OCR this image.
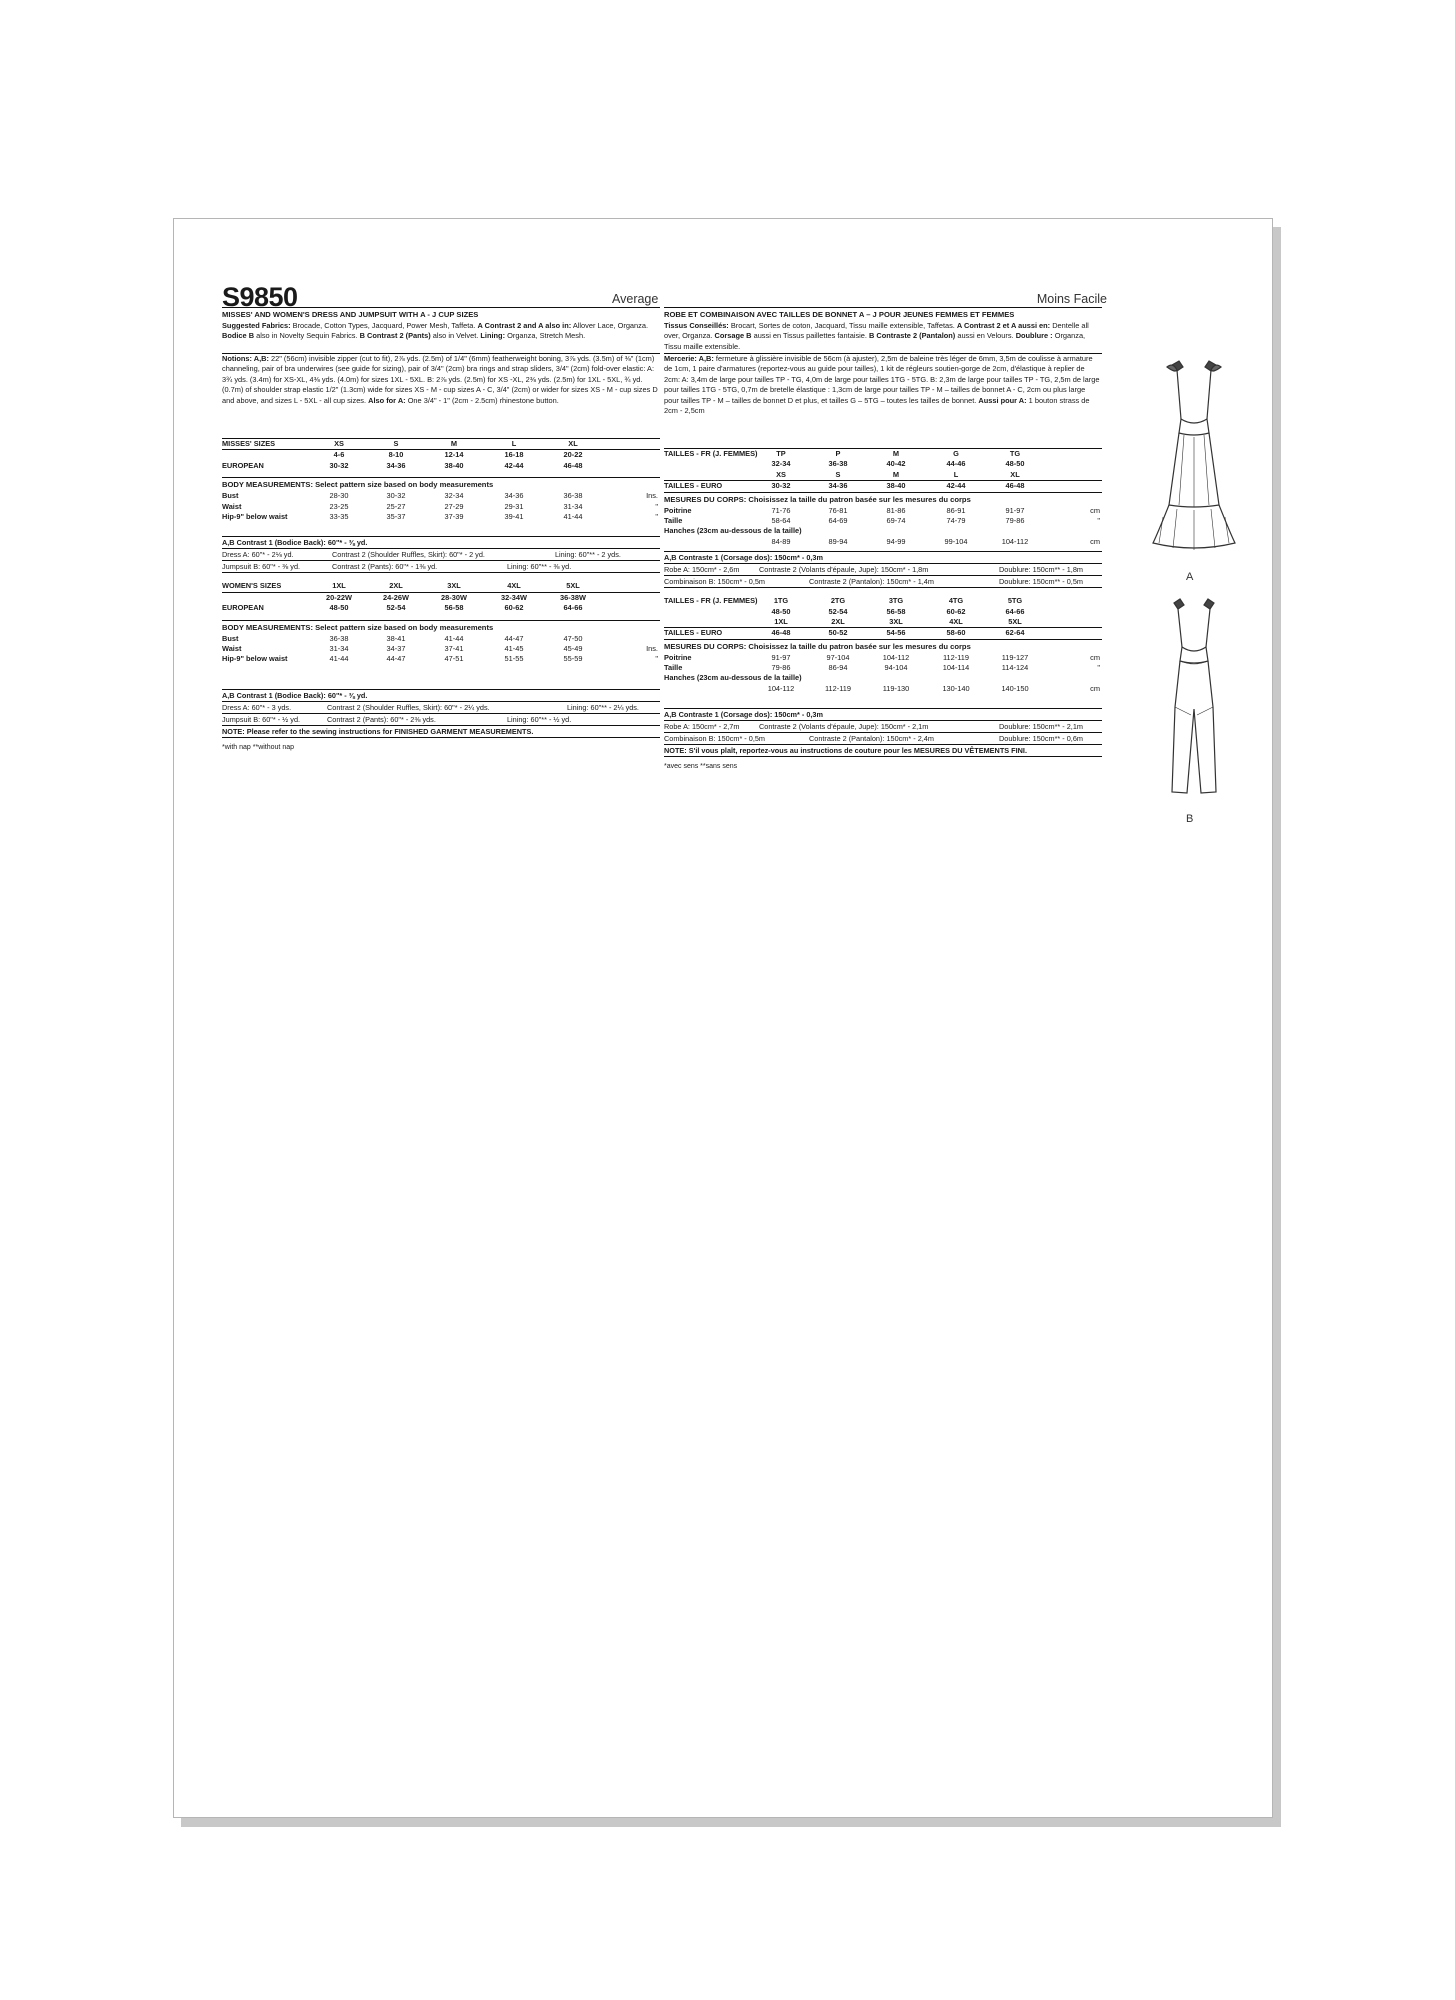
S9850	Average	Moins Facile
MISSES' AND WOMEN'S DRESS AND JUMPSUIT WITH A - J CUP SIZES
Suggested Fabrics: Brocade, Cotton Types, Jacquard, Power Mesh, Taffeta. A Contrast 2 and A also in: Allover Lace, Organza. Bodice B also in Novelty Sequin Fabrics. B Contrast 2 (Pants) also in Velvet. Lining: Organza, Stretch Mesh.
Notions: A,B: 22" (56cm) invisible zipper (cut to fit), 2⅞ yds. (2.5m) of 1/4" (6mm) featherweight boning, 3⅞ yds. (3.5m) of ⅜" (1cm) channeling, pair of bra underwires (see guide for sizing), pair of 3/4" (2cm) bra rings and strap sliders, 3/4" (2cm) fold-over elastic: A: 3¾ yds. (3.4m) for XS-XL, 4⅜ yds. (4.0m) for sizes 1XL - 5XL. B: 2⅞ yds. (2.5m) for XS -XL, 2⅜ yds. (2.5m) for 1XL - 5XL, ¾ yd. (0.7m) of shoulder strap elastic 1/2" (1.3cm) wide for sizes XS - M - cup sizes A - C, 3/4" (2cm) or wider for sizes XS - M - cup sizes D and above, and sizes L - 5XL - all cup sizes. Also for A: One 3/4" - 1" (2cm - 2.5cm) rhinestone button.
MISSES' SIZES	XS	S	M	L	XL
4-6	8-10	12-14	16-18	20-22
EUROPEAN	30-32	34-36	38-40	42-44	46-48
BODY MEASUREMENTS: Select pattern size based on body measurements
Bust	28-30	30-32	32-34	34-36	36-38	Ins.
Waist	23-25	25-27	27-29	29-31	31-34	"
Hip-9" below waist	33-35	35-37	37-39	39-41	41-44	"
A,B Contrast 1 (Bodice Back): 60"* - ⅜ yd.
Dress A: 60"* - 2⅛ yd.	Contrast 2 (Shoulder Ruffles, Skirt): 60"* - 2 yd.	Lining: 60"** - 2 yds.
Jumpsuit B: 60"* - ⅜ yd.	Contrast 2 (Pants): 60"* - 1⅜ yd.	Lining: 60"** - ⅜ yd.
WOMEN'S SIZES	1XL	2XL	3XL	4XL	5XL
20-22W	24-26W	28-30W	32-34W	36-38W
EUROPEAN	48-50	52-54	56-58	60-62	64-66
BODY MEASUREMENTS: Select pattern size based on body measurements
Bust	36-38	38-41	41-44	44-47	47-50
Waist	31-34	34-37	37-41	41-45	45-49	Ins.
Hip-9" below waist	41-44	44-47	47-51	51-55	55-59	"
A,B Contrast 1 (Bodice Back): 60"* - ⅜ yd.
Dress A: 60"* - 3 yds.	Contrast 2 (Shoulder Ruffles, Skirt): 60"* - 2¼ yds.	Lining: 60"** - 2¼ yds.
Jumpsuit B: 60"* - ½ yd.	Contrast 2 (Pants): 60"* - 2⅜ yds.	Lining: 60"** - ½ yd.
NOTE: Please refer to the sewing instructions for FINISHED GARMENT MEASUREMENTS.
*with nap **without nap
ROBE ET COMBINAISON AVEC TAILLES DE BONNET A – J POUR JEUNES FEMMES ET FEMMES
Tissus Conseillés: Brocart, Sortes de coton, Jacquard, Tissu maille extensible, Taffetas. A Contrast 2 et A aussi en: Dentelle all over, Organza. Corsage B aussi en Tissus paillettes fantaisie. B Contraste 2 (Pantalon) aussi en Velours. Doublure : Organza, Tissu maille extensible.
Mercerie: A,B: fermeture à glissière invisible de 56cm (à ajuster), 2,5m de baleine très léger de 6mm, 3,5m de coulisse à armature de 1cm, 1 paire d'armatures (reportez-vous au guide pour tailles), 1 kit de régleurs soutien-gorge de 2cm, d'élastique à replier de 2cm: A: 3,4m de large pour tailles TP - TG, 4,0m de large pour tailles 1TG - 5TG. B: 2,3m de large pour tailles TP - TG, 2,5m de large pour tailles 1TG - 5TG, 0,7m de bretelle élastique : 1,3cm de large pour tailles TP - M – tailles de bonnet A - C, 2cm ou plus large pour tailles TP - M – tailles de bonnet D et plus, et tailles G – 5TG – toutes les tailles de bonnet. Aussi pour A: 1 bouton strass de 2cm - 2,5cm
TAILLES - FR (J. FEMMES)	TP	P	M	G	TG
32-34	36-38	40-42	44-46	48-50
XS	S	M	L	XL
TAILLES - EURO	30-32	34-36	38-40	42-44	46-48
MESURES DU CORPS: Choisissez la taille du patron basée sur les mesures du corps
Poitrine	71-76	76-81	81-86	86-91	91-97	cm
Taille	58-64	64-69	69-74	74-79	79-86	"
Hanches (23cm au-dessous de la taille)
84-89	89-94	94-99	99-104	104-112	cm
A,B Contraste 1 (Corsage dos): 150cm* - 0,3m
Robe A: 150cm* - 2,6m	Contraste 2 (Volants d'épaule, Jupe): 150cm* - 1,8m	Doublure: 150cm** - 1,8m
Combinaison B: 150cm* - 0,5m	Contraste 2 (Pantalon): 150cm* - 1,4m	Doublure: 150cm** - 0,5m
TAILLES - FR (J. FEMMES)	1TG	2TG	3TG	4TG	5TG
48-50	52-54	56-58	60-62	64-66
1XL	2XL	3XL	4XL	5XL
TAILLES - EURO	46-48	50-52	54-56	58-60	62-64
MESURES DU CORPS: Choisissez la taille du patron basée sur les mesures du corps
Poitrine	91-97	97-104	104-112	112-119	119-127	cm
Taille	79-86	86-94	94-104	104-114	114-124	"
Hanches (23cm au-dessous de la taille)
104-112	112-119	119-130	130-140	140-150	cm
A,B Contraste 1 (Corsage dos): 150cm* - 0,3m
Robe A: 150cm* - 2,7m	Contraste 2 (Volants d'épaule, Jupe): 150cm* - 2,1m	Doublure: 150cm** - 2,1m
Combinaison B: 150cm* - 0,5m	Contraste 2 (Pantalon): 150cm* - 2,4m	Doublure: 150cm** - 0,6m
NOTE: S'il vous plaît, reportez-vous au instructions de couture pour les MESURES DU VÊTEMENTS FINI.
*avec sens **sans sens
A
B
